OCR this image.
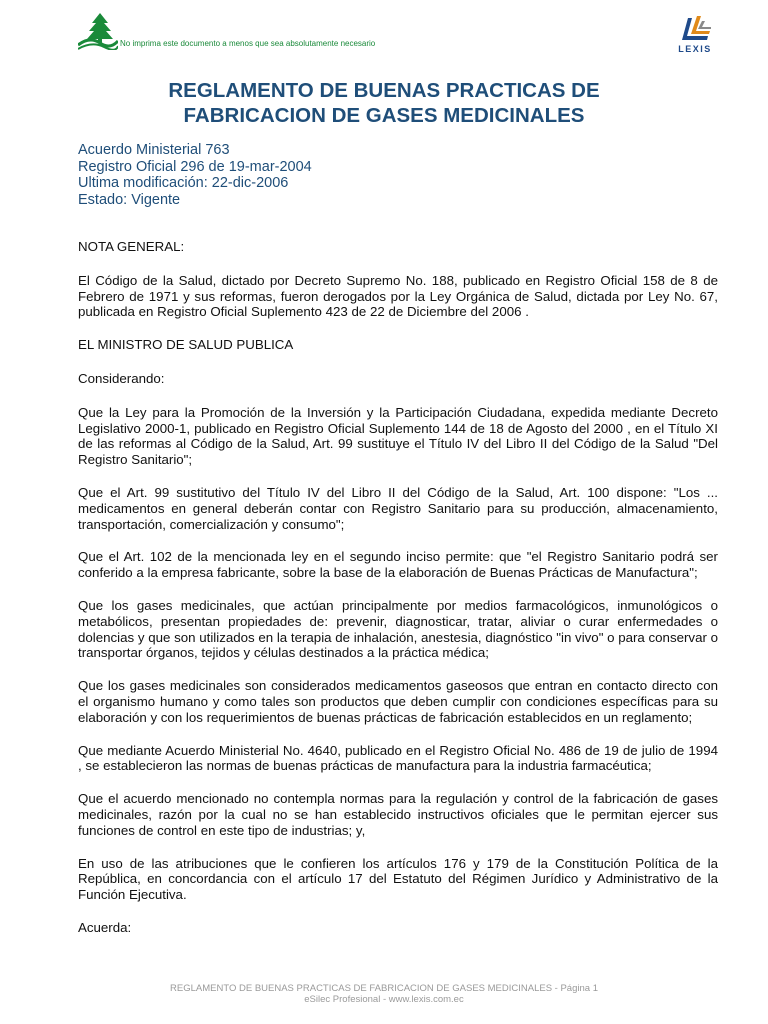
No imprima este documento a menos que sea absolutamente necesario
LEXIS
REGLAMENTO DE BUENAS PRACTICAS DE
FABRICACION DE GASES MEDICINALES
Acuerdo Ministerial 763
Registro Oficial 296 de 19-mar-2004
Ultima modificación: 22-dic-2006
Estado: Vigente

NOTA GENERAL:

El Código de la Salud, dictado por Decreto Supremo No. 188, publicado en Registro Oficial 158 de 8 de Febrero de 1971 y sus reformas, fueron derogados por la Ley Orgánica de Salud, dictada por Ley No. 67, publicada en Registro Oficial Suplemento 423 de 22 de Diciembre del 2006 .

EL MINISTRO DE SALUD PUBLICA

Considerando:

Que la Ley para la Promoción de la Inversión y la Participación Ciudadana, expedida mediante Decreto Legislativo 2000-1, publicado en Registro Oficial Suplemento 144 de 18 de Agosto del 2000 , en el Título XI de las reformas al Código de la Salud, Art. 99 sustituye el Título IV del Libro II del Código de la Salud "Del Registro Sanitario";

Que el Art. 99 sustitutivo del Título IV del Libro II del Código de la Salud, Art. 100 dispone: "Los ... medicamentos en general deberán contar con Registro Sanitario para su producción, almacenamiento, transportación, comercialización y consumo";

Que el Art. 102 de la mencionada ley en el segundo inciso permite: que "el Registro Sanitario podrá ser conferido a la empresa fabricante, sobre la base de la elaboración de Buenas Prácticas de Manufactura";

Que los gases medicinales, que actúan principalmente por medios farmacológicos, inmunológicos o metabólicos, presentan propiedades de: prevenir, diagnosticar, tratar, aliviar o curar enfermedades o dolencias y que son utilizados en la terapia de inhalación, anestesia, diagnóstico "in vivo" o para conservar o transportar órganos, tejidos y células destinados a la práctica médica;

Que los gases medicinales son considerados medicamentos gaseosos que entran en contacto directo con el organismo humano y como tales son productos que deben cumplir con condiciones específicas para su elaboración y con los requerimientos de buenas prácticas de fabricación establecidos en un reglamento;

Que mediante Acuerdo Ministerial No. 4640, publicado en el Registro Oficial No. 486 de 19 de julio de 1994 , se establecieron las normas de buenas prácticas de manufactura para la industria farmacéutica;

Que el acuerdo mencionado no contempla normas para la regulación y control de la fabricación de gases medicinales, razón por la cual no se han establecido instructivos oficiales que le permitan ejercer sus funciones de control en este tipo de industrias; y,

En uso de las atribuciones que le confieren los artículos 176 y 179 de la Constitución Política de la República, en concordancia con el artículo 17 del Estatuto del Régimen Jurídico y Administrativo de la Función Ejecutiva.

Acuerda:

REGLAMENTO DE BUENAS PRACTICAS DE FABRICACION DE GASES MEDICINALES - Página 1
eSilec Profesional - www.lexis.com.ec
